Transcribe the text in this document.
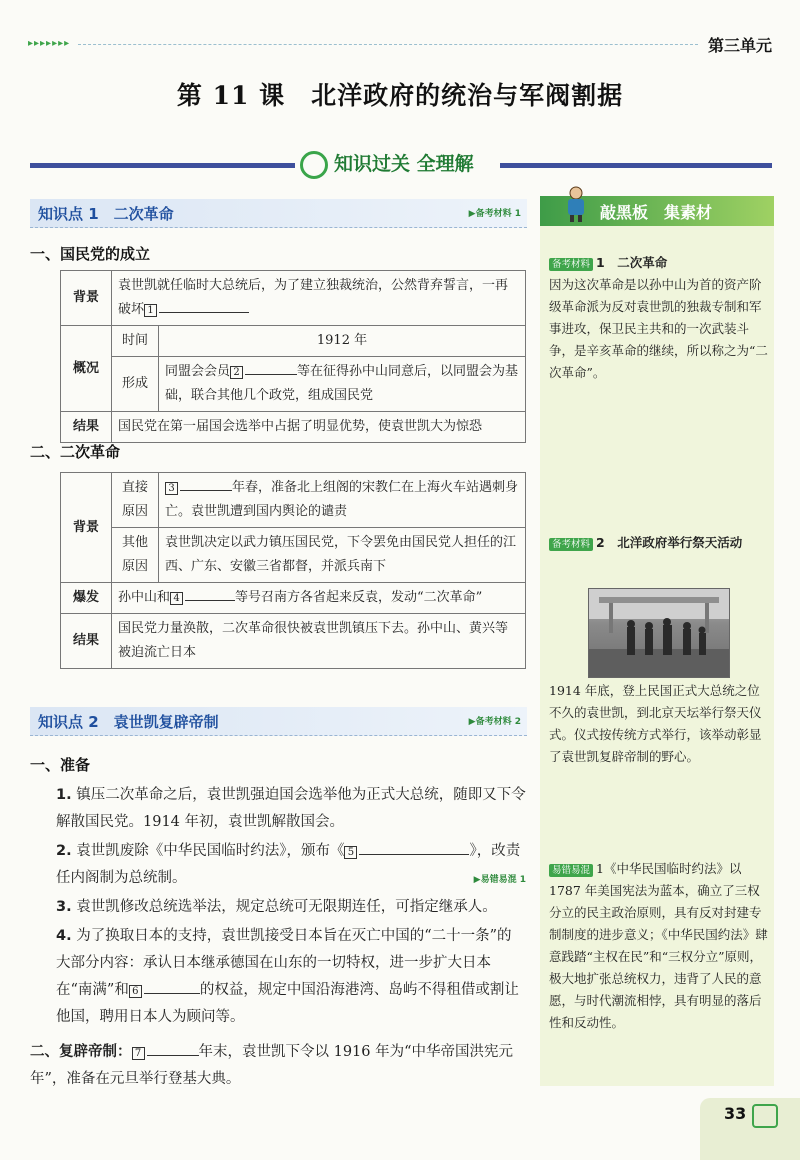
▸▸▸▸▸▸▸	第三单元
第 11 课　北洋政府的统治与军阀割据
知识过关 全理解
知识点 1　二次革命	▶备考材料 1
一、国民党的成立
背景	袁世凯就任临时大总统后，为了建立独裁统治，公然背弃誓言，一再破坏 1	
概况	时间	1912 年
	形成	同盟会会员 2 等在征得孙中山同意后，以同盟会为基础，联合其他几个政党，组成国民党
结果	国民党在第一届国会选举中占据了明显优势，使袁世凯大为惊恐	
二、二次革命
背景	直接原因	3 年春，准备北上组阁的宋教仁在上海火车站遇刺身亡。袁世凯遭到国内舆论的谴责
	其他原因	袁世凯决定以武力镇压国民党，下令罢免由国民党人担任的江西、广东、安徽三省都督，并派兵南下
爆发	孙中山和 4 等号召南方各省起来反袁，发动“二次革命”	
结果	国民党力量涣散，二次革命很快被袁世凯镇压下去。孙中山、黄兴等被迫流亡日本	
知识点 2　袁世凯复辟帝制	▶备考材料 2
一、准备

1. 镇压二次革命之后，袁世凯强迫国会选举他为正式大总统，随即又下令解散国民党。1914 年初，袁世凯解散国会。

2. 袁世凯废除《中华民国临时约法》，颁布《 5	》，改责任内阁制为总统制。	▶易错易混 1

3. 袁世凯修改总统选举法，规定总统可无限期连任，可指定继承人。

4. 为了换取日本的支持，袁世凯接受日本旨在灭亡中国的“二十一条”的大部分内容：承认日本继承德国在山东的一切特权，进一步扩大日本在“南满”和 6	的权益，规定中国沿海港湾、岛屿不得租借或割让他国，聘用日本人为顾问等。

二、复辟帝制： 7	年末，袁世凯下令以 1916 年为“中华帝国洪宪元年”，准备在元旦举行登基大典。
敲黑板　集素材
备考材料 1　二次革命
因为这次革命是以孙中山为首的资产阶级革命派为反对袁世凯的独裁专制和军事进攻，保卫民主共和的一次武装斗争，是辛亥革命的继续，所以称之为“二次革命”。
备考材料 2　北洋政府举行祭天活动
1914 年底，登上民国正式大总统之位不久的袁世凯，到北京天坛举行祭天仪式。仪式按传统方式举行，该举动彰显了袁世凯复辟帝制的野心。
易错易混 1《中华民国临时约法》以 1787 年美国宪法为蓝本，确立了三权分立的民主政治原则，具有反对封建专制制度的进步意义；《中华民国约法》肆意践踏“主权在民”和“三权分立”原则，极大地扩张总统权力，违背了人民的意愿，与时代潮流相悖，具有明显的落后性和反动性。
33
